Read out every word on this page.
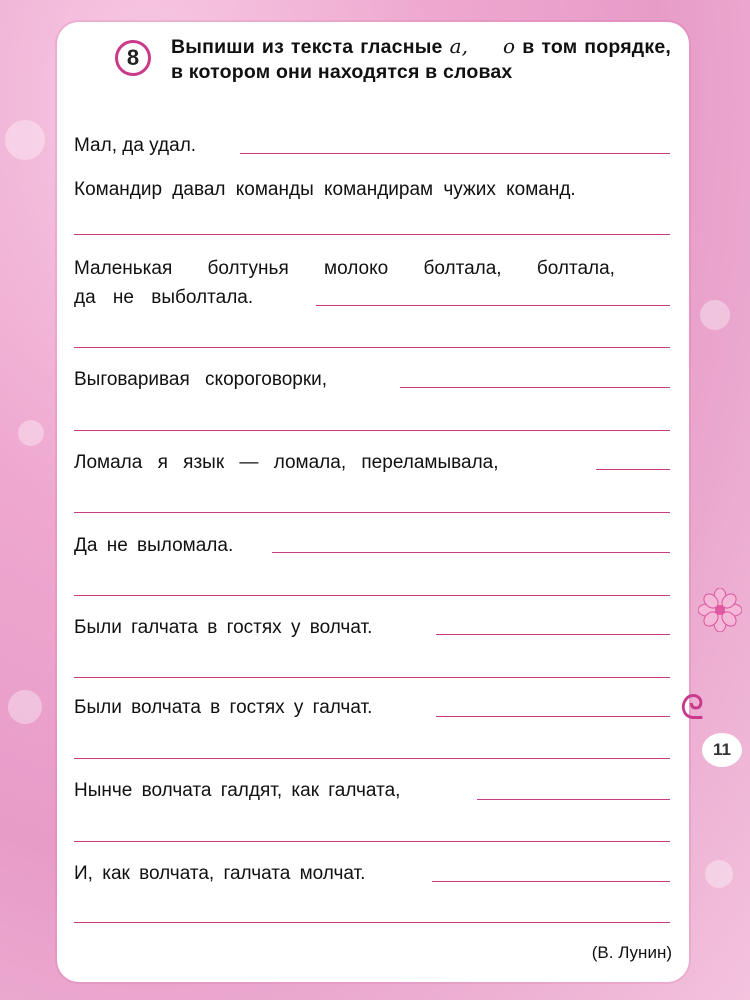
8 Выпиши из текста гласные а, о в том порядке, в котором они находятся в словах
Мал, да удал.
Командир давал команды командирам чужих команд.
Маленькая болтунья молоко болтала, болтала,
да не выболтала.
Выговаривая скороговорки,
Ломала я язык — ломала, переламывала,
Да не выломала.
Были галчата в гостях у волчат.
Были волчата в гостях у галчат.
Нынче волчата галдят, как галчата,
И, как волчата, галчата молчат.
(В. Лунин)
ᘓ
11
